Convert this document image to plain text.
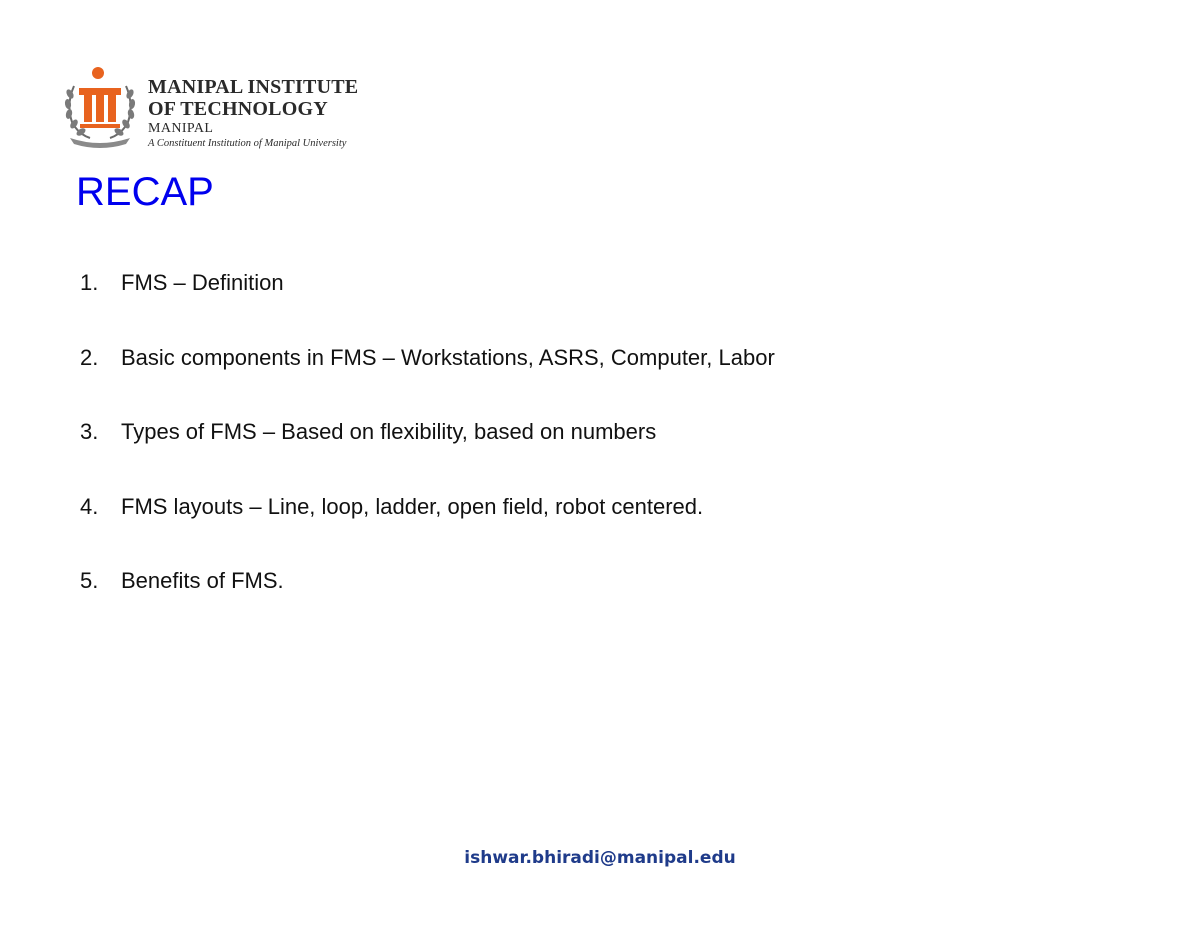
MANIPAL INSTITUTE
OF TECHNOLOGY
MANIPAL
A Constituent Institution of Manipal University
RECAP
1. FMS – Definition
2. Basic components in FMS – Workstations, ASRS, Computer, Labor
3. Types of FMS – Based on flexibility, based on numbers
4. FMS layouts – Line, loop, ladder, open field, robot centered.
5. Benefits of FMS.
ishwar.bhiradi@manipal.edu
